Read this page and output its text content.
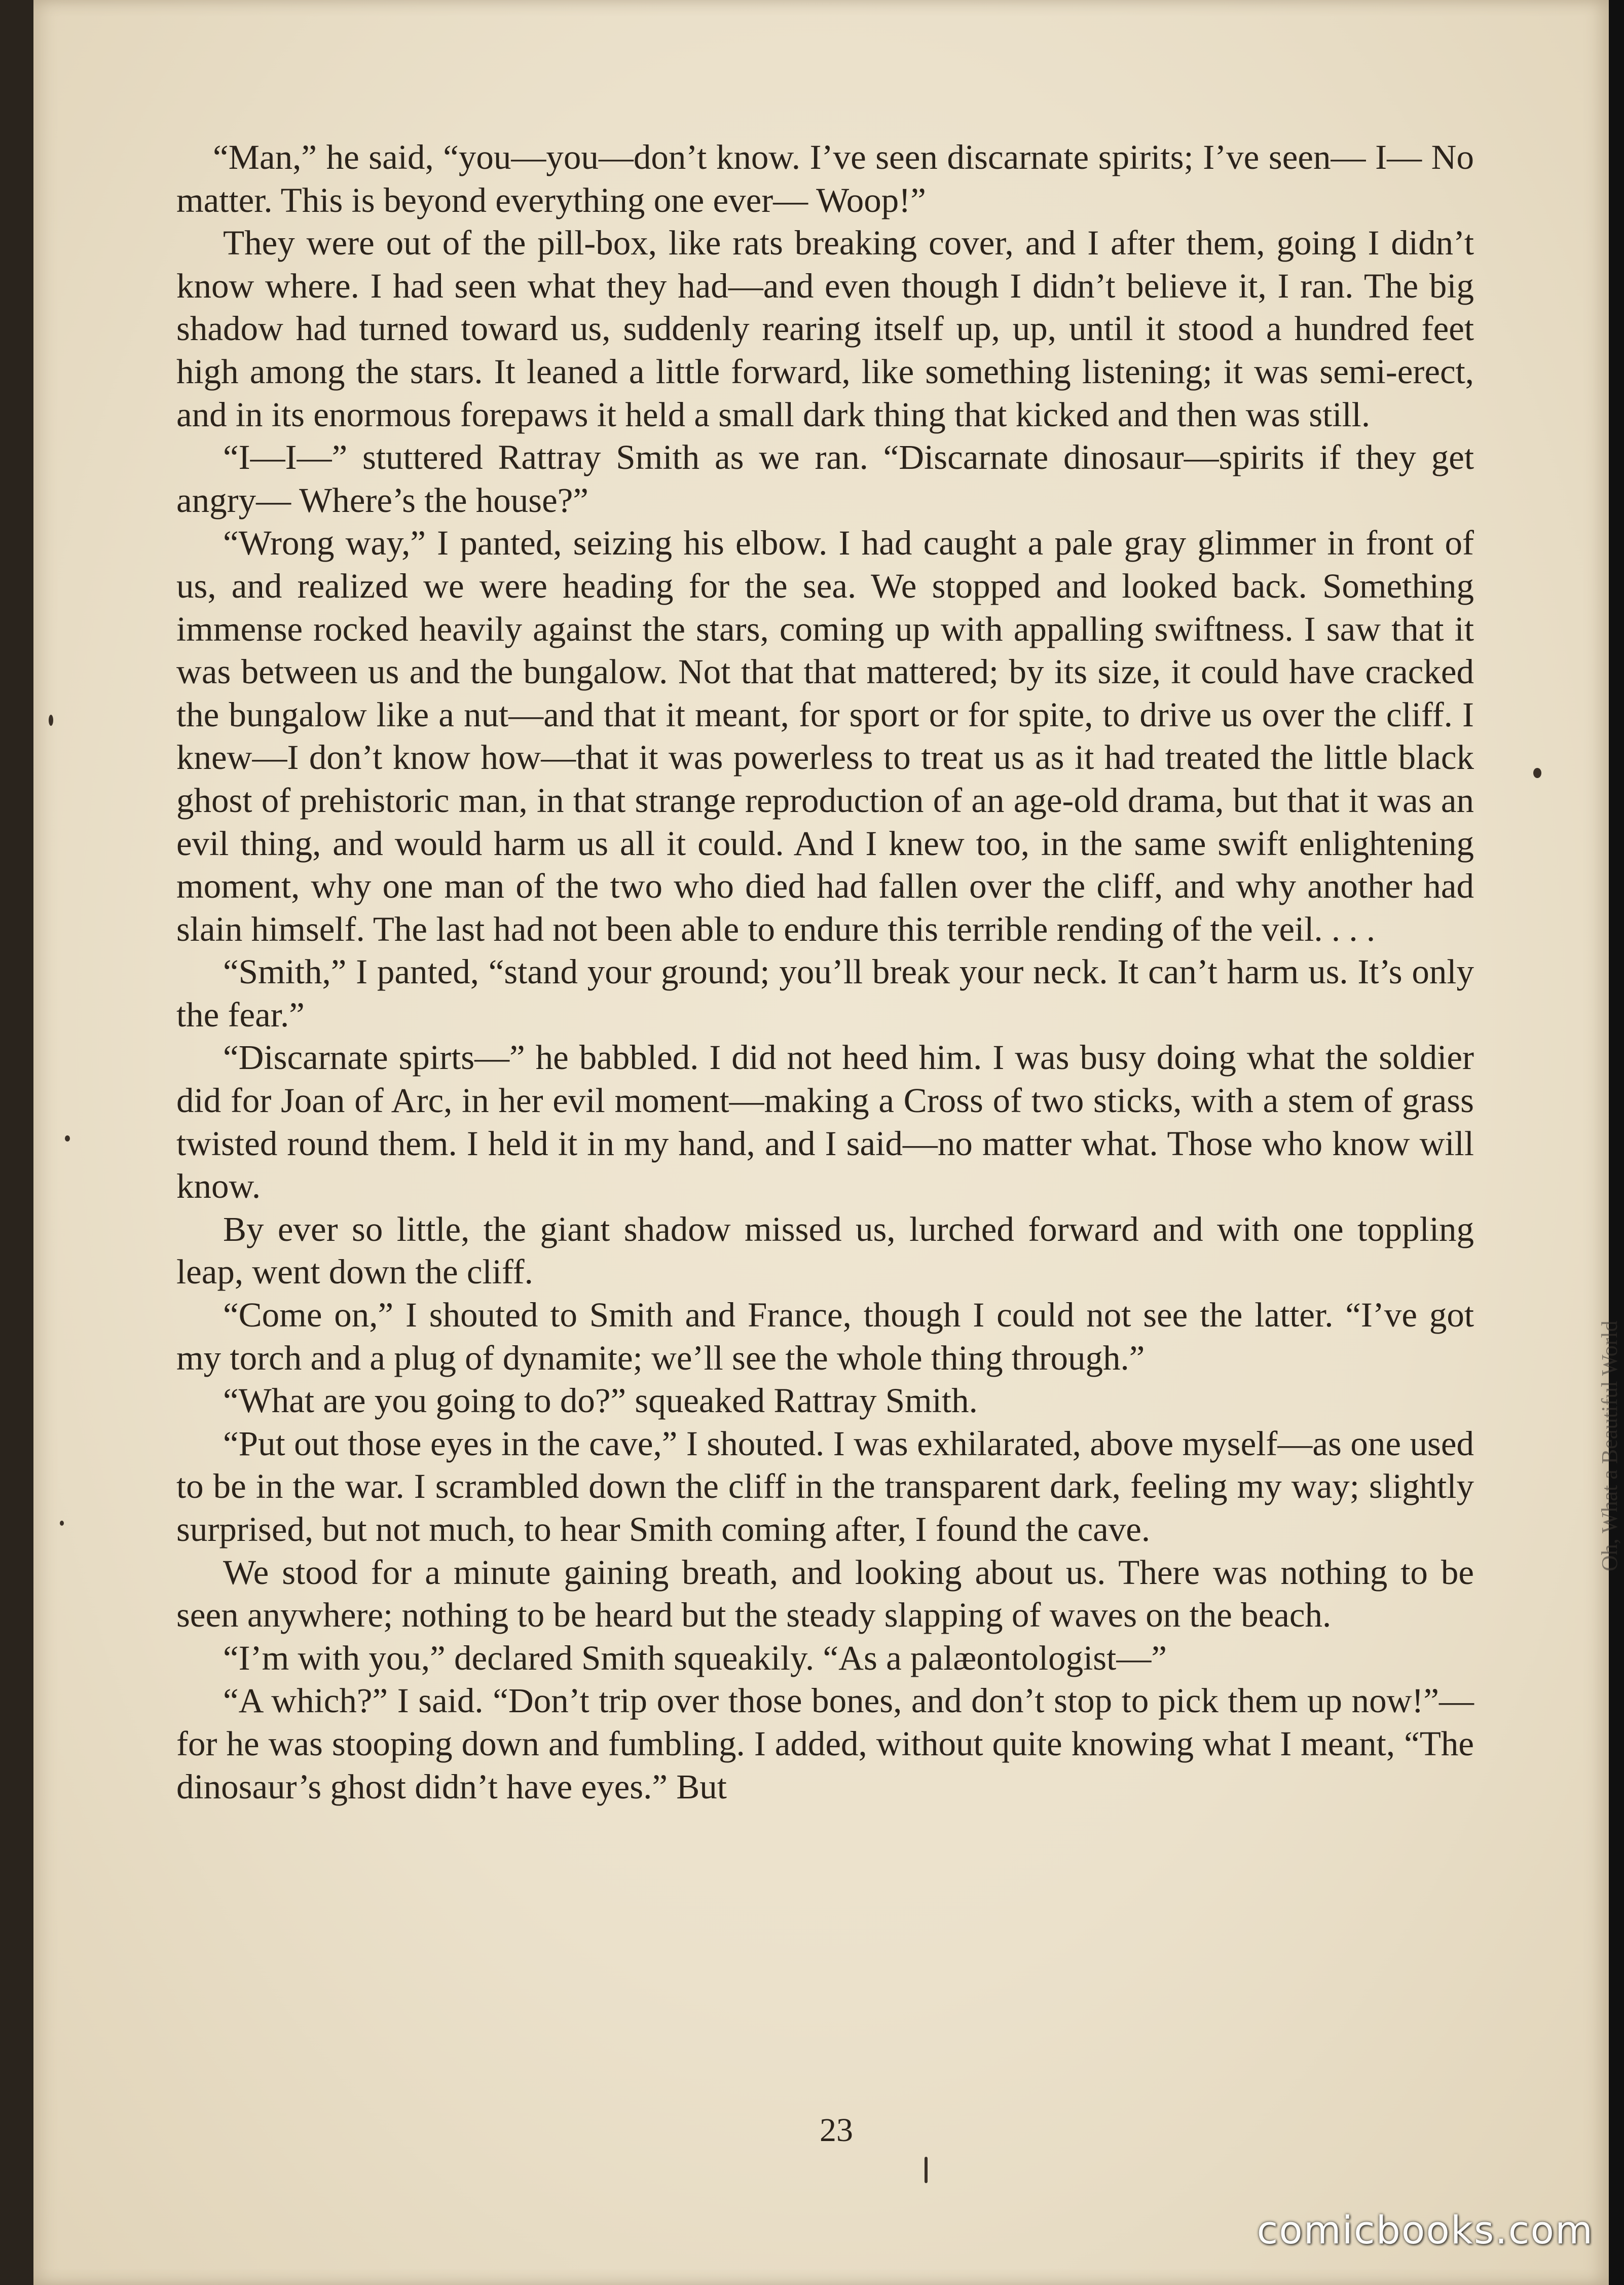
Oh, What a Beautiful World

“Man,” he said, “you—you—don’t know. I’ve seen discarnate spirits; I’ve seen— I— No matter. This is beyond everything one ever— Woop!”

They were out of the pill-box, like rats breaking cover, and I after them, going I didn’t know where. I had seen what they had—and even though I didn’t believe it, I ran. The big shadow had turned toward us, suddenly rearing itself up, up, until it stood a hundred feet high among the stars. It leaned a little forward, like something listening; it was semi-erect, and in its enormous forepaws it held a small dark thing that kicked and then was still.

“I—I—” stuttered Rattray Smith as we ran. “Discarnate dinosaur—spirits if they get angry— Where’s the house?”

“Wrong way,” I panted, seizing his elbow. I had caught a pale gray glimmer in front of us, and realized we were heading for the sea. We stopped and looked back. Something immense rocked heavily against the stars, coming up with appalling swiftness. I saw that it was between us and the bungalow. Not that that mattered; by its size, it could have cracked the bungalow like a nut—and that it meant, for sport or for spite, to drive us over the cliff. I knew—I don’t know how—that it was powerless to treat us as it had treated the little black ghost of prehistoric man, in that strange reproduction of an age-old drama, but that it was an evil thing, and would harm us all it could. And I knew too, in the same swift enlightening moment, why one man of the two who died had fallen over the cliff, and why another had slain himself. The last had not been able to endure this terrible rending of the veil. . . .

“Smith,” I panted, “stand your ground; you’ll break your neck. It can’t harm us. It’s only the fear.”

“Discarnate spirts—” he babbled. I did not heed him. I was busy doing what the soldier did for Joan of Arc, in her evil moment—making a Cross of two sticks, with a stem of grass twisted round them. I held it in my hand, and I said—no matter what. Those who know will know.

By ever so little, the giant shadow missed us, lurched forward and with one toppling leap, went down the cliff.

“Come on,” I shouted to Smith and France, though I could not see the latter. “I’ve got my torch and a plug of dynamite; we’ll see the whole thing through.”

“What are you going to do?” squeaked Rattray Smith.

“Put out those eyes in the cave,” I shouted. I was exhilarated, above myself—as one used to be in the war. I scrambled down the cliff in the transparent dark, feeling my way; slightly surprised, but not much, to hear Smith coming after, I found the cave.

We stood for a minute gaining breath, and looking about us. There was nothing to be seen anywhere; nothing to be heard but the steady slapping of waves on the beach.

“I’m with you,” declared Smith squeakily. “As a palæontologist—”

“A which?” I said. “Don’t trip over those bones, and don’t stop to pick them up now!”—for he was stooping down and fumbling. I added, without quite knowing what I meant, “The dinosaur’s ghost didn’t have eyes.” But

23
comicbooks.com
